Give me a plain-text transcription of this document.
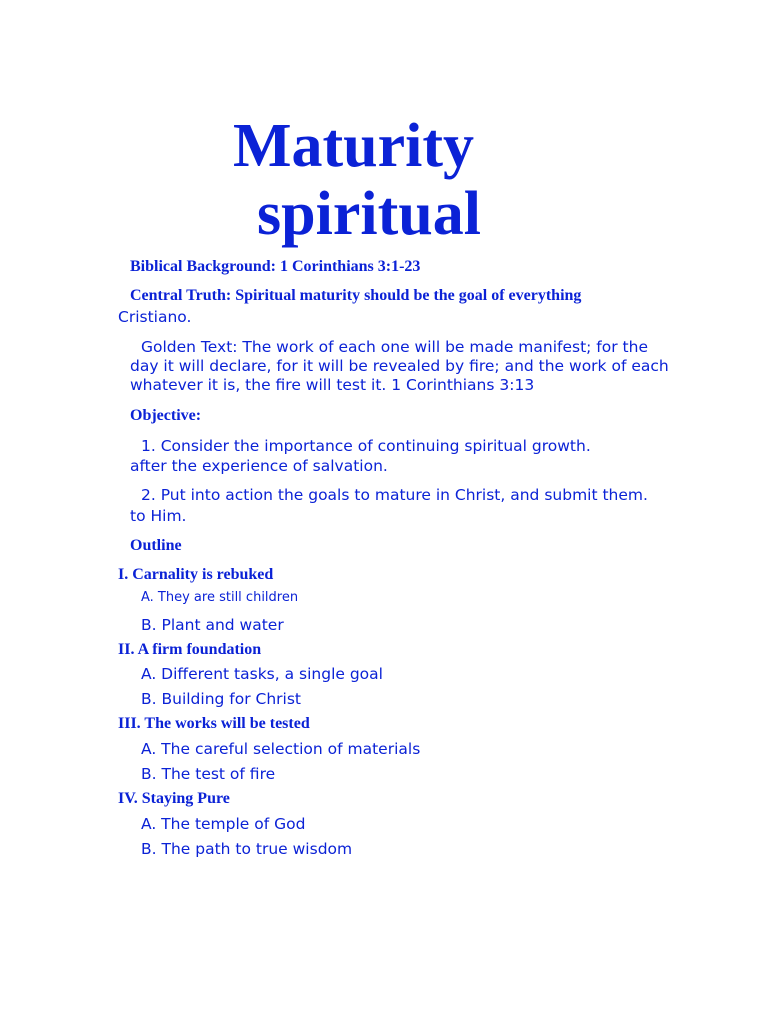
Maturity
spiritual

Biblical Background: 1 Corinthians 3:1-23

Central Truth: Spiritual maturity should be the goal of everything

Cristiano.

Golden Text: The work of each one will be made manifest; for the

day it will declare, for it will be revealed by fire; and the work of each

whatever it is, the fire will test it. 1 Corinthians 3:13

Objective:

1. Consider the importance of continuing spiritual growth.

after the experience of salvation.

2. Put into action the goals to mature in Christ, and submit them.

to Him.

Outline

I. Carnality is rebuked

A. They are still children

B. Plant and water

II. A firm foundation

A. Different tasks, a single goal

B. Building for Christ

III. The works will be tested

A. The careful selection of materials

B. The test of fire

IV. Staying Pure

A. The temple of God

B. The path to true wisdom
